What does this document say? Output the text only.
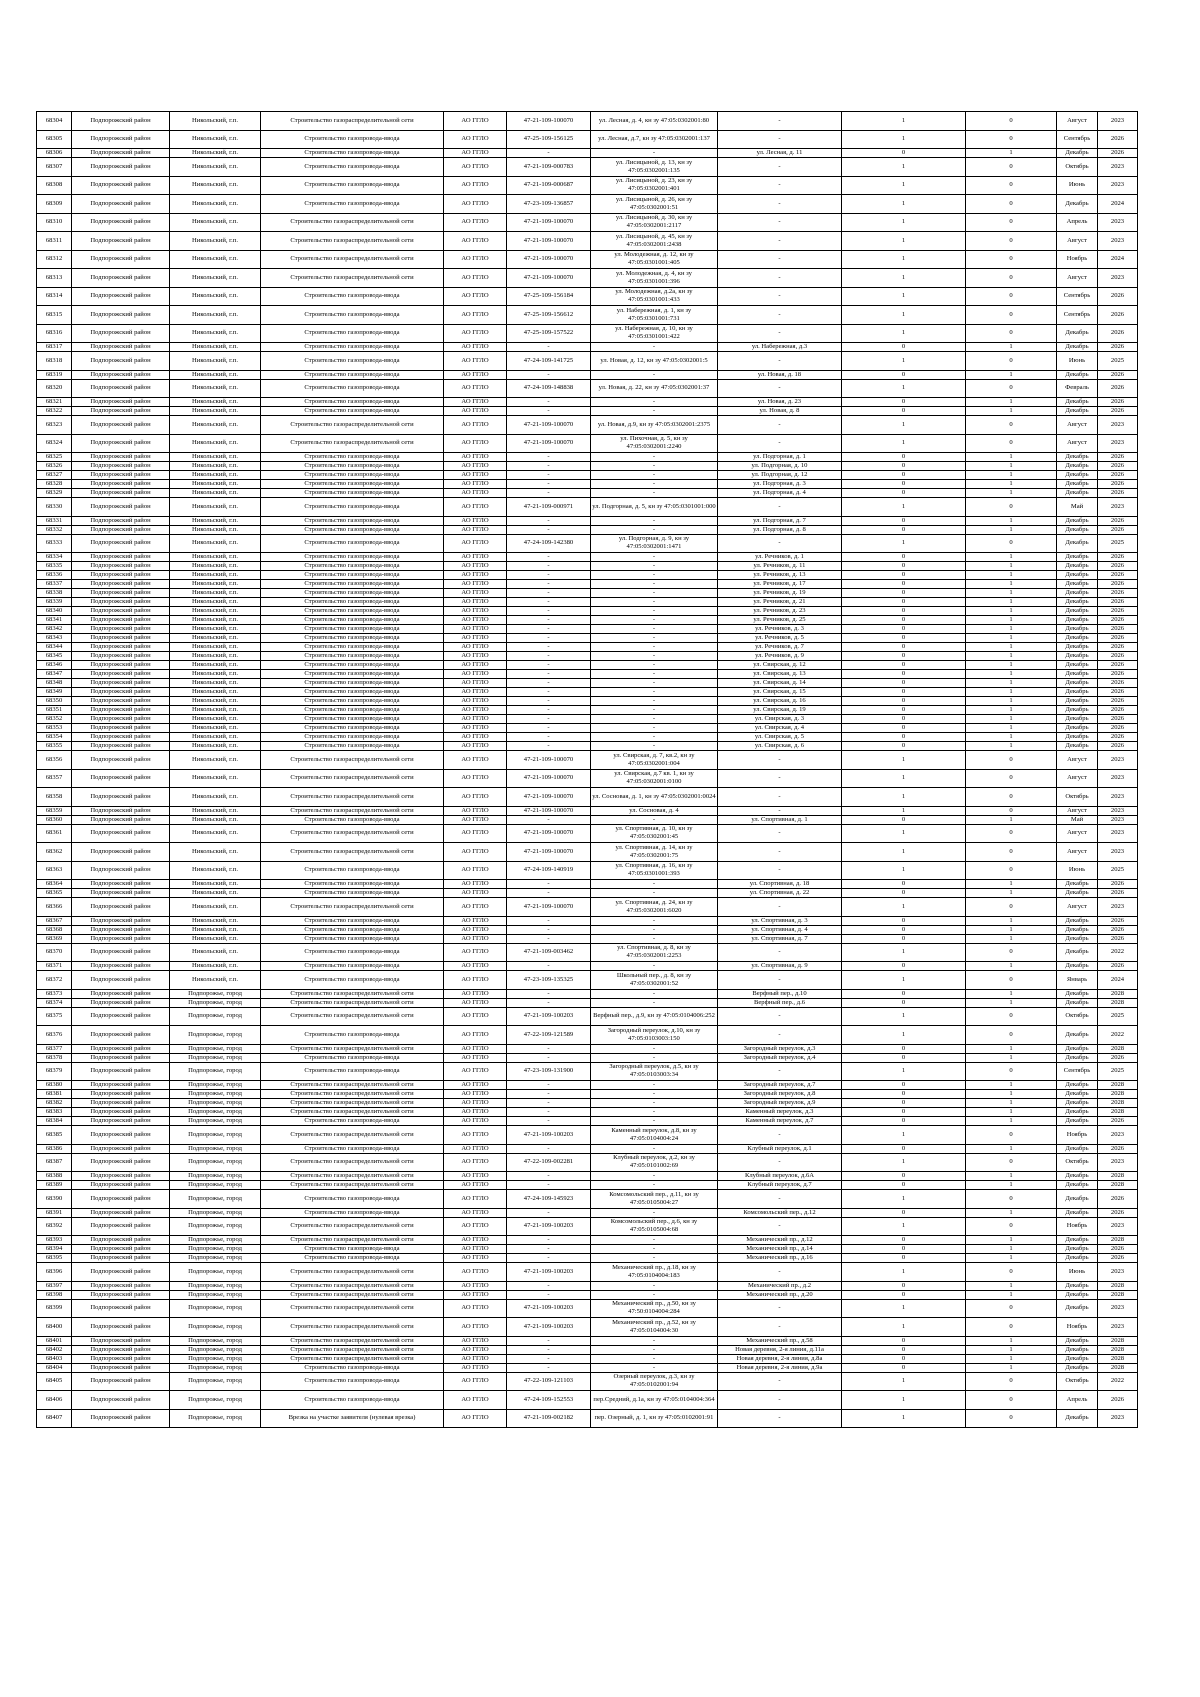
68304	Подпорожский район	Никольский, г.п.	Строительство газораспределительной сети	АО ГГЛО	47-21-109-100070	ул. Лесная, д. 4, кн зу 47:05:0302001:80	-	1	0	Август	2023
68305	Подпорожский район	Никольский, г.п.	Строительство газопровода-ввода	АО ГГЛО	47-25-109-156125	ул. Лесная, д.7, кн зу 47:05:0302001:137	-	1	0	Сентябрь	2026
68306	Подпорожский район	Никольский, г.п.	Строительство газопровода-ввода	АО ГГЛО	-	-	ул. Лесная, д. 11	0	1	Декабрь	2026
68307	Подпорожский район	Никольский, г.п.	Строительство газопровода-ввода	АО ГГЛО	47-21-109-000783	ул. Лисицыной, д. 13, кн зу 47:05:0302001:135	-	1	0	Октябрь	2023
68308	Подпорожский район	Никольский, г.п.	Строительство газопровода-ввода	АО ГГЛО	47-21-109-000687	ул. Лисицыной, д. 23, кн зу 47:05:0302001:401	-	1	0	Июнь	2023
68309	Подпорожский район	Никольский, г.п.	Строительство газопровода-ввода	АО ГГЛО	47-23-109-136857	ул. Лисицыной, д. 26, кн зу 47:05:0302001:51	-	1	0	Декабрь	2024
68310	Подпорожский район	Никольский, г.п.	Строительство газораспределительной сети	АО ГГЛО	47-21-109-100070	ул. Лисицыной, д. 30, кн зу 47:05:0302001:2117	-	1	0	Апрель	2023
68311	Подпорожский район	Никольский, г.п.	Строительство газораспределительной сети	АО ГГЛО	47-21-109-100070	ул. Лисицыной, д. 45, кн зу 47:05:0302001:2438	-	1	0	Август	2023
68312	Подпорожский район	Никольский, г.п.	Строительство газораспределительной сети	АО ГГЛО	47-21-109-100070	ул. Молодежная, д. 12, кн зу 47:05:0301001:405	-	1	0	Ноябрь	2024
68313	Подпорожский район	Никольский, г.п.	Строительство газораспределительной сети	АО ГГЛО	47-21-109-100070	ул. Молодежная, д. 4, кн зу 47:05:0301001:396	-	1	0	Август	2023
68314	Подпорожский район	Никольский, г.п.	Строительство газопровода-ввода	АО ГГЛО	47-25-109-156184	ул. Молодежная, д.2а, кн зу 47:05:0301001:433	-	1	0	Сентябрь	2026
68315	Подпорожский район	Никольский, г.п.	Строительство газопровода-ввода	АО ГГЛО	47-25-109-156612	ул. Набережная, д. 1, кн зу 47:05:0301001:731	-	1	0	Сентябрь	2026
68316	Подпорожский район	Никольский, г.п.	Строительство газопровода-ввода	АО ГГЛО	47-25-109-157522	ул. Набережная, д. 10, кн зу 47:05:0301001:422	-	1	0	Декабрь	2026
68317	Подпорожский район	Никольский, г.п.	Строительство газопровода-ввода	АО ГГЛО	-	-	ул. Набережная, д.3	0	1	Декабрь	2026
68318	Подпорожский район	Никольский, г.п.	Строительство газопровода-ввода	АО ГГЛО	47-24-109-141725	ул. Новая, д. 12, кн зу 47:05:0302001:5	-	1	0	Июнь	2025
68319	Подпорожский район	Никольский, г.п.	Строительство газопровода-ввода	АО ГГЛО	-	-	ул. Новая, д. 18	0	1	Декабрь	2026
68320	Подпорожский район	Никольский, г.п.	Строительство газопровода-ввода	АО ГГЛО	47-24-109-148838	ул. Новая, д. 22, кн зу 47:05:0302001:37	-	1	0	Февраль	2026
68321	Подпорожский район	Никольский, г.п.	Строительство газопровода-ввода	АО ГГЛО	-	-	ул. Новая, д. 23	0	1	Декабрь	2026
68322	Подпорожский район	Никольский, г.п.	Строительство газопровода-ввода	АО ГГЛО	-	-	ул. Новая, д. 8	0	1	Декабрь	2026
68323	Подпорожский район	Никольский, г.п.	Строительство газораспределительной сети	АО ГГЛО	47-21-109-100070	ул. Новая, д.9, кн зу 47:05:0302001:2375	-	1	0	Август	2023
68324	Подпорожский район	Никольский, г.п.	Строительство газораспределительной сети	АО ГГЛО	47-21-109-100070	ул. Пихочная, д. 5, кн зу 47:05:0302001:2240	-	1	0	Август	2023
68325	Подпорожский район	Никольский, г.п.	Строительство газопровода-ввода	АО ГГЛО	-	-	ул. Подгорная, д. 1	0	1	Декабрь	2026
68326	Подпорожский район	Никольский, г.п.	Строительство газопровода-ввода	АО ГГЛО	-	-	ул. Подгорная, д. 10	0	1	Декабрь	2026
68327	Подпорожский район	Никольский, г.п.	Строительство газопровода-ввода	АО ГГЛО	-	-	ул. Подгорная, д. 12	0	1	Декабрь	2026
68328	Подпорожский район	Никольский, г.п.	Строительство газопровода-ввода	АО ГГЛО	-	-	ул. Подгорная, д. 3	0	1	Декабрь	2026
68329	Подпорожский район	Никольский, г.п.	Строительство газопровода-ввода	АО ГГЛО	-	-	ул. Подгорная, д. 4	0	1	Декабрь	2026
68330	Подпорожский район	Никольский, г.п.	Строительство газопровода-ввода	АО ГГЛО	47-21-109-000971	ул. Подгорная, д. 5, кн зу 47:05:0301001:000	-	1	0	Май	2023
68331	Подпорожский район	Никольский, г.п.	Строительство газопровода-ввода	АО ГГЛО	-	-	ул. Подгорная, д. 7	0	1	Декабрь	2026
68332	Подпорожский район	Никольский, г.п.	Строительство газопровода-ввода	АО ГГЛО	-	-	ул. Подгорная, д. 8	0	1	Декабрь	2026
68333	Подпорожский район	Никольский, г.п.	Строительство газопровода-ввода	АО ГГЛО	47-24-109-142380	ул. Подгорная, д. 9, кн зу 47:05:0302001:1471	-	1	0	Декабрь	2025
68334	Подпорожский район	Никольский, г.п.	Строительство газопровода-ввода	АО ГГЛО	-	-	ул. Речников, д. 1	0	1	Декабрь	2026
68335	Подпорожский район	Никольский, г.п.	Строительство газопровода-ввода	АО ГГЛО	-	-	ул. Речников, д. 11	0	1	Декабрь	2026
68336	Подпорожский район	Никольский, г.п.	Строительство газопровода-ввода	АО ГГЛО	-	-	ул. Речников, д. 13	0	1	Декабрь	2026
68337	Подпорожский район	Никольский, г.п.	Строительство газопровода-ввода	АО ГГЛО	-	-	ул. Речников, д. 17	0	1	Декабрь	2026
68338	Подпорожский район	Никольский, г.п.	Строительство газопровода-ввода	АО ГГЛО	-	-	ул. Речников, д. 19	0	1	Декабрь	2026
68339	Подпорожский район	Никольский, г.п.	Строительство газопровода-ввода	АО ГГЛО	-	-	ул. Речников, д. 21	0	1	Декабрь	2026
68340	Подпорожский район	Никольский, г.п.	Строительство газопровода-ввода	АО ГГЛО	-	-	ул. Речников, д. 23	0	1	Декабрь	2026
68341	Подпорожский район	Никольский, г.п.	Строительство газопровода-ввода	АО ГГЛО	-	-	ул. Речников, д. 25	0	1	Декабрь	2026
68342	Подпорожский район	Никольский, г.п.	Строительство газопровода-ввода	АО ГГЛО	-	-	ул. Речников, д. 3	0	1	Декабрь	2026
68343	Подпорожский район	Никольский, г.п.	Строительство газопровода-ввода	АО ГГЛО	-	-	ул. Речников, д. 5	0	1	Декабрь	2026
68344	Подпорожский район	Никольский, г.п.	Строительство газопровода-ввода	АО ГГЛО	-	-	ул. Речников, д. 7	0	1	Декабрь	2026
68345	Подпорожский район	Никольский, г.п.	Строительство газопровода-ввода	АО ГГЛО	-	-	ул. Речников, д. 9	0	1	Декабрь	2026
68346	Подпорожский район	Никольский, г.п.	Строительство газопровода-ввода	АО ГГЛО	-	-	ул. Свирская, д. 12	0	1	Декабрь	2026
68347	Подпорожский район	Никольский, г.п.	Строительство газопровода-ввода	АО ГГЛО	-	-	ул. Свирская, д. 13	0	1	Декабрь	2026
68348	Подпорожский район	Никольский, г.п.	Строительство газопровода-ввода	АО ГГЛО	-	-	ул. Свирская, д. 14	0	1	Декабрь	2026
68349	Подпорожский район	Никольский, г.п.	Строительство газопровода-ввода	АО ГГЛО	-	-	ул. Свирская, д. 15	0	1	Декабрь	2026
68350	Подпорожский район	Никольский, г.п.	Строительство газопровода-ввода	АО ГГЛО	-	-	ул. Свирская, д. 16	0	1	Декабрь	2026
68351	Подпорожский район	Никольский, г.п.	Строительство газопровода-ввода	АО ГГЛО	-	-	ул. Свирская, д. 19	0	1	Декабрь	2026
68352	Подпорожский район	Никольский, г.п.	Строительство газопровода-ввода	АО ГГЛО	-	-	ул. Свирская, д. 3	0	1	Декабрь	2026
68353	Подпорожский район	Никольский, г.п.	Строительство газопровода-ввода	АО ГГЛО	-	-	ул. Свирская, д. 4	0	1	Декабрь	2026
68354	Подпорожский район	Никольский, г.п.	Строительство газопровода-ввода	АО ГГЛО	-	-	ул. Свирская, д. 5	0	1	Декабрь	2026
68355	Подпорожский район	Никольский, г.п.	Строительство газопровода-ввода	АО ГГЛО	-	-	ул. Свирская, д. 6	0	1	Декабрь	2026
68356	Подпорожский район	Никольский, г.п.	Строительство газораспределительной сети	АО ГГЛО	47-21-109-100070	ул. Свирская, д. 7, кв.2, кн зу 47:05:0302001:004	-	1	0	Август	2023
68357	Подпорожский район	Никольский, г.п.	Строительство газораспределительной сети	АО ГГЛО	47-21-109-100070	ул. Свирская, д.7 кв. 1, кн зу 47:05:0302001:0100	-	1	0	Август	2023
68358	Подпорожский район	Никольский, г.п.	Строительство газораспределительной сети	АО ГГЛО	47-21-109-100070	ул. Сосновая, д. 1, кн зу 47:05:0302001:0024	-	1	0	Октябрь	2023
68359	Подпорожский район	Никольский, г.п.	Строительство газораспределительной сети	АО ГГЛО	47-21-109-100070	ул. Сосновая, д. 4	-	1	0	Август	2023
68360	Подпорожский район	Никольский, г.п.	Строительство газопровода-ввода	АО ГГЛО	-	-	ул. Спортивная, д. 1	0	1	Май	2023
68361	Подпорожский район	Никольский, г.п.	Строительство газораспределительной сети	АО ГГЛО	47-21-109-100070	ул. Спортивная, д. 10, кн зу 47:05:0302001:45	-	1	0	Август	2023
68362	Подпорожский район	Никольский, г.п.	Строительство газораспределительной сети	АО ГГЛО	47-21-109-100070	ул. Спортивная, д. 14, кн зу 47:05:0302001:75	-	1	0	Август	2023
68363	Подпорожский район	Никольский, г.п.	Строительство газопровода-ввода	АО ГГЛО	47-24-109-140919	ул. Спортивная, д. 16, кн зу 47:05:0301001:393	-	1	0	Июнь	2025
68364	Подпорожский район	Никольский, г.п.	Строительство газопровода-ввода	АО ГГЛО	-	-	ул. Спортивная, д. 18	0	1	Декабрь	2026
68365	Подпорожский район	Никольский, г.п.	Строительство газопровода-ввода	АО ГГЛО	-	-	ул. Спортивная, д. 22	0	1	Декабрь	2026
68366	Подпорожский район	Никольский, г.п.	Строительство газораспределительной сети	АО ГГЛО	47-21-109-100070	ул. Спортивная, д. 24, кн зу 47:05:0302001:6020	-	1	0	Август	2023
68367	Подпорожский район	Никольский, г.п.	Строительство газопровода-ввода	АО ГГЛО	-	-	ул. Спортивная, д. 3	0	1	Декабрь	2026
68368	Подпорожский район	Никольский, г.п.	Строительство газопровода-ввода	АО ГГЛО	-	-	ул. Спортивная, д. 4	0	1	Декабрь	2026
68369	Подпорожский район	Никольский, г.п.	Строительство газопровода-ввода	АО ГГЛО	-	-	ул. Спортивная, д. 7	0	1	Декабрь	2026
68370	Подпорожский район	Никольский, г.п.	Строительство газопровода-ввода	АО ГГЛО	47-21-109-003462	ул. Спортивная, д. 8, кн зу 47:05:0302001:2253	-	1	0	Декабрь	2022
68371	Подпорожский район	Никольский, г.п.	Строительство газопровода-ввода	АО ГГЛО	-	-	ул. Спортивная, д. 9	0	1	Декабрь	2026
68372	Подпорожский район	Никольский, г.п.	Строительство газопровода-ввода	АО ГГЛО	47-23-109-135325	Школьный пер., д. 8, кн зу 47:05:0302001:52	-	1	0	Январь	2024
68373	Подпорожский район	Подпорожье, город	Строительство газораспределительной сети	АО ГГЛО	-	-	Верфный пер., д.10	0	1	Декабрь	2028
68374	Подпорожский район	Подпорожье, город	Строительство газораспределительной сети	АО ГГЛО	-	-	Верфный пер., д.6	0	1	Декабрь	2028
68375	Подпорожский район	Подпорожье, город	Строительство газораспределительной сети	АО ГГЛО	47-21-109-100203	Верфный пер., д.9, кн зу 47:05:0104006:252	-	1	0	Октябрь	2025
68376	Подпорожский район	Подпорожье, город	Строительство газопровода-ввода	АО ГГЛО	47-22-109-121589	Загородный переулок, д.10, кн зу 47:05:0103003:150	-	1	0	Декабрь	2022
68377	Подпорожский район	Подпорожье, город	Строительство газораспределительной сети	АО ГГЛО	-	-	Загородный переулок, д.3	0	1	Декабрь	2028
68378	Подпорожский район	Подпорожье, город	Строительство газопровода-ввода	АО ГГЛО	-	-	Загородный переулок, д.4	0	1	Декабрь	2026
68379	Подпорожский район	Подпорожье, город	Строительство газопровода-ввода	АО ГГЛО	47-23-109-131900	Загородный переулок, д.5, кн зу 47:05:0103003:34	-	1	0	Сентябрь	2025
68380	Подпорожский район	Подпорожье, город	Строительство газораспределительной сети	АО ГГЛО	-	-	Загородный переулок, д.7	0	1	Декабрь	2028
68381	Подпорожский район	Подпорожье, город	Строительство газораспределительной сети	АО ГГЛО	-	-	Загородный переулок, д.8	0	1	Декабрь	2028
68382	Подпорожский район	Подпорожье, город	Строительство газораспределительной сети	АО ГГЛО	-	-	Загородный переулок, д.9	0	1	Декабрь	2028
68383	Подпорожский район	Подпорожье, город	Строительство газораспределительной сети	АО ГГЛО	-	-	Каменный переулок, д.3	0	1	Декабрь	2028
68384	Подпорожский район	Подпорожье, город	Строительство газопровода-ввода	АО ГГЛО	-	-	Каменный переулок, д.7	0	1	Декабрь	2026
68385	Подпорожский район	Подпорожье, город	Строительство газораспределительной сети	АО ГГЛО	47-21-109-100203	Каменный переулок, д.8, кн зу 47:05:0104004:24	-	1	0	Ноябрь	2023
68386	Подпорожский район	Подпорожье, город	Строительство газопровода-ввода	АО ГГЛО	-	-	Клубный переулок, д.1	0	1	Декабрь	2026
68387	Подпорожский район	Подпорожье, город	Строительство газораспределительной сети	АО ГГЛО	47-22-109-002281	Клубный переулок, д.2, кн зу 47:05:0101002:69	-	1	0	Октябрь	2023
68388	Подпорожский район	Подпорожье, город	Строительство газораспределительной сети	АО ГГЛО	-	-	Клубный переулок, д.6А	0	1	Декабрь	2028
68389	Подпорожский район	Подпорожье, город	Строительство газораспределительной сети	АО ГГЛО	-	-	Клубный переулок, д.7	0	1	Декабрь	2028
68390	Подпорожский район	Подпорожье, город	Строительство газопровода-ввода	АО ГГЛО	47-24-109-145923	Комсомольский пер., д.11, кн зу 47:05:0105004:27	-	1	0	Декабрь	2026
68391	Подпорожский район	Подпорожье, город	Строительство газопровода-ввода	АО ГГЛО	-	-	Комсомольский пер., д.12	0	1	Декабрь	2026
68392	Подпорожский район	Подпорожье, город	Строительство газораспределительной сети	АО ГГЛО	47-21-109-100203	Комсомольский пер., д.6, кн зу 47:05:0105004:68	-	1	0	Ноябрь	2023
68393	Подпорожский район	Подпорожье, город	Строительство газораспределительной сети	АО ГГЛО	-	-	Механический пр., д.12	0	1	Декабрь	2028
68394	Подпорожский район	Подпорожье, город	Строительство газопровода-ввода	АО ГГЛО	-	-	Механический пр., д.14	0	1	Декабрь	2026
68395	Подпорожский район	Подпорожье, город	Строительство газопровода-ввода	АО ГГЛО	-	-	Механический пр., д.16	0	1	Декабрь	2026
68396	Подпорожский район	Подпорожье, город	Строительство газораспределительной сети	АО ГГЛО	47-21-109-100203	Механический пр., д.18, кн зу 47:05:0104004:183	-	1	0	Июнь	2023
68397	Подпорожский район	Подпорожье, город	Строительство газораспределительной сети	АО ГГЛО	-	-	Механический пр., д.2	0	1	Декабрь	2028
68398	Подпорожский район	Подпорожье, город	Строительство газораспределительной сети	АО ГГЛО	-	-	Механический пр., д.20	0	1	Декабрь	2028
68399	Подпорожский район	Подпорожье, город	Строительство газораспределительной сети	АО ГГЛО	47-21-109-100203	Механический пр., д.50, кн зу 47:50:0104004:284	-	1	0	Декабрь	2023
68400	Подпорожский район	Подпорожье, город	Строительство газораспределительной сети	АО ГГЛО	47-21-109-100203	Механический пр., д.52, кн зу 47:05:0104004:30	-	1	0	Ноябрь	2023
68401	Подпорожский район	Подпорожье, город	Строительство газораспределительной сети	АО ГГЛО	-	-	Механический пр., д.58	0	1	Декабрь	2028
68402	Подпорожский район	Подпорожье, город	Строительство газораспределительной сети	АО ГГЛО	-	-	Новая деревня, 2-я линия, д.11а	0	1	Декабрь	2028
68403	Подпорожский район	Подпорожье, город	Строительство газораспределительной сети	АО ГГЛО	-	-	Новая деревня, 2-я линия, д.8а	0	1	Декабрь	2028
68404	Подпорожский район	Подпорожье, город	Строительство газопровода-ввода	АО ГГЛО	-	-	Новая деревня, 2-я линия, д.9а	0	1	Декабрь	2028
68405	Подпорожский район	Подпорожье, город	Строительство газопровода-ввода	АО ГГЛО	47-22-109-121103	Озерный переулок, д.3, кн зу 47:05:0102001:94	-	1	0	Октябрь	2022
68406	Подпорожский район	Подпорожье, город	Строительство газопровода-ввода	АО ГГЛО	47-24-109-152553	пер.Средний, д.1а, кн зу 47:05:0104004:364	-	1	0	Апрель	2026
68407	Подпорожский район	Подпорожье, город	Врезка на участке заявителя (нулевая врезка)	АО ГГЛО	47-21-109-002182	пер. Озерный, д. 1, кн зу 47:05:0102001:91	-	1	0	Декабрь	2023
